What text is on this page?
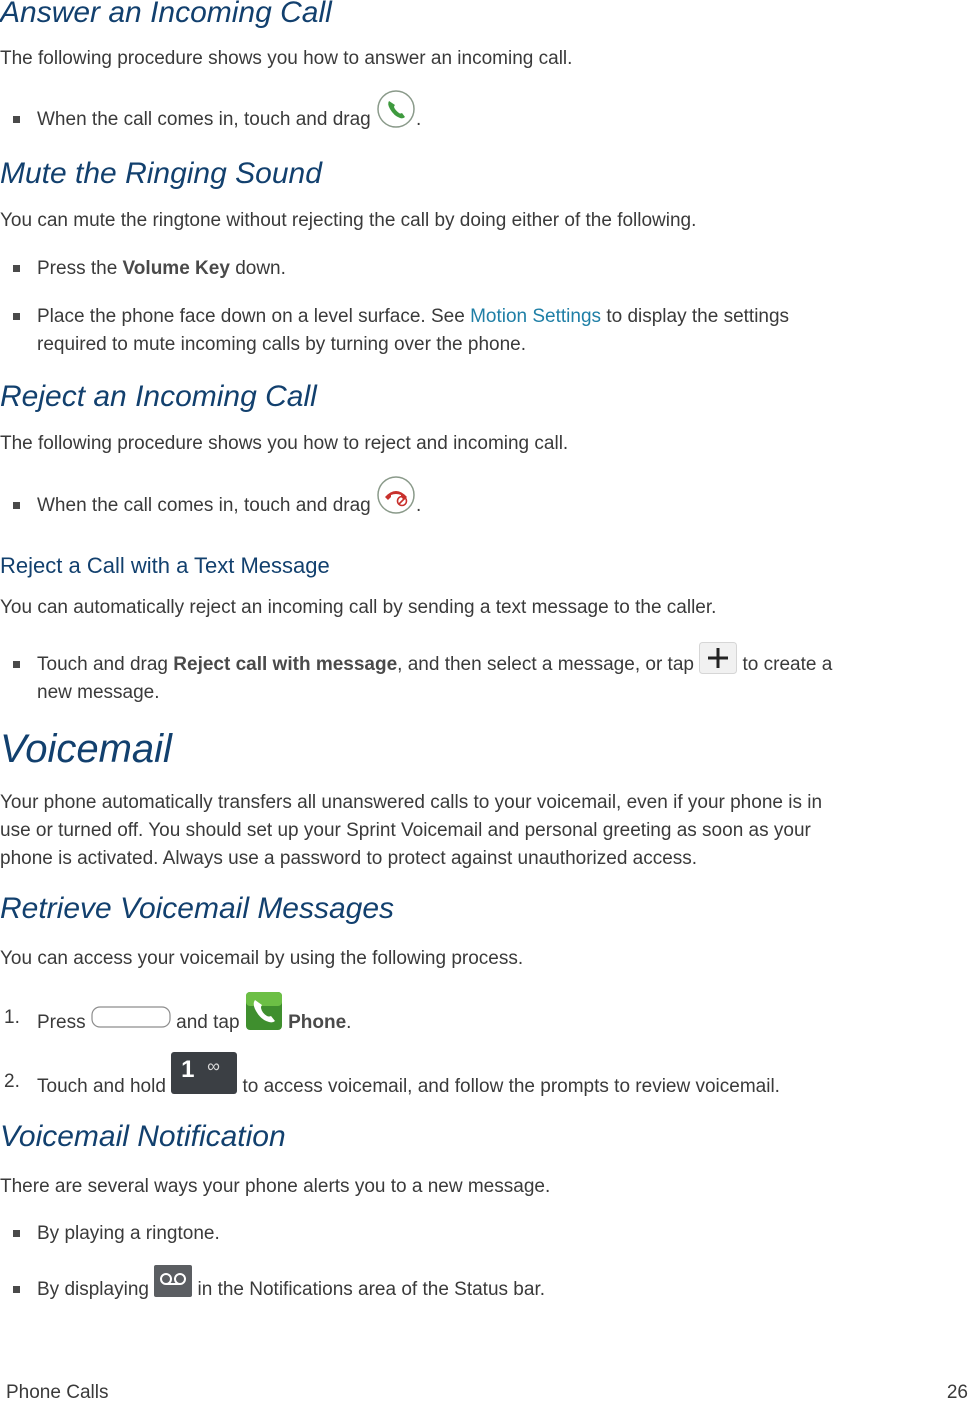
Answer an Incoming Call

The following procedure shows you how to answer an incoming call.

When the call comes in, touch and drag .
Mute the Ringing Sound

You can mute the ringtone without rejecting the call by doing either of the following.

Press the Volume Key down.
Place the phone face down on a level surface. See Motion Settings to display the settings
required to mute incoming calls by turning over the phone.
Reject an Incoming Call

The following procedure shows you how to reject and incoming call.

When the call comes in, touch and drag .
Reject a Call with a Text Message

You can automatically reject an incoming call by sending a text message to the caller.

Touch and drag Reject call with message, and then select a message, or tap	to create a
new message.
Voicemail

Your phone automatically transfers all unanswered calls to your voicemail, even if your phone is in

use or turned off. You should set up your Sprint Voicemail and personal greeting as soon as your

phone is activated. Always use a password to protect against unauthorized access.

Retrieve Voicemail Messages

You can access your voicemail by using the following process.

1. Press	and tap	Phone.
2. Touch and hold
1 ∞
to access voicemail, and follow the prompts to review voicemail.
Voicemail Notification

There are several ways your phone alerts you to a new message.

By playing a ringtone.
By displaying	in the Notifications area of the Status bar.
Phone Calls	26
